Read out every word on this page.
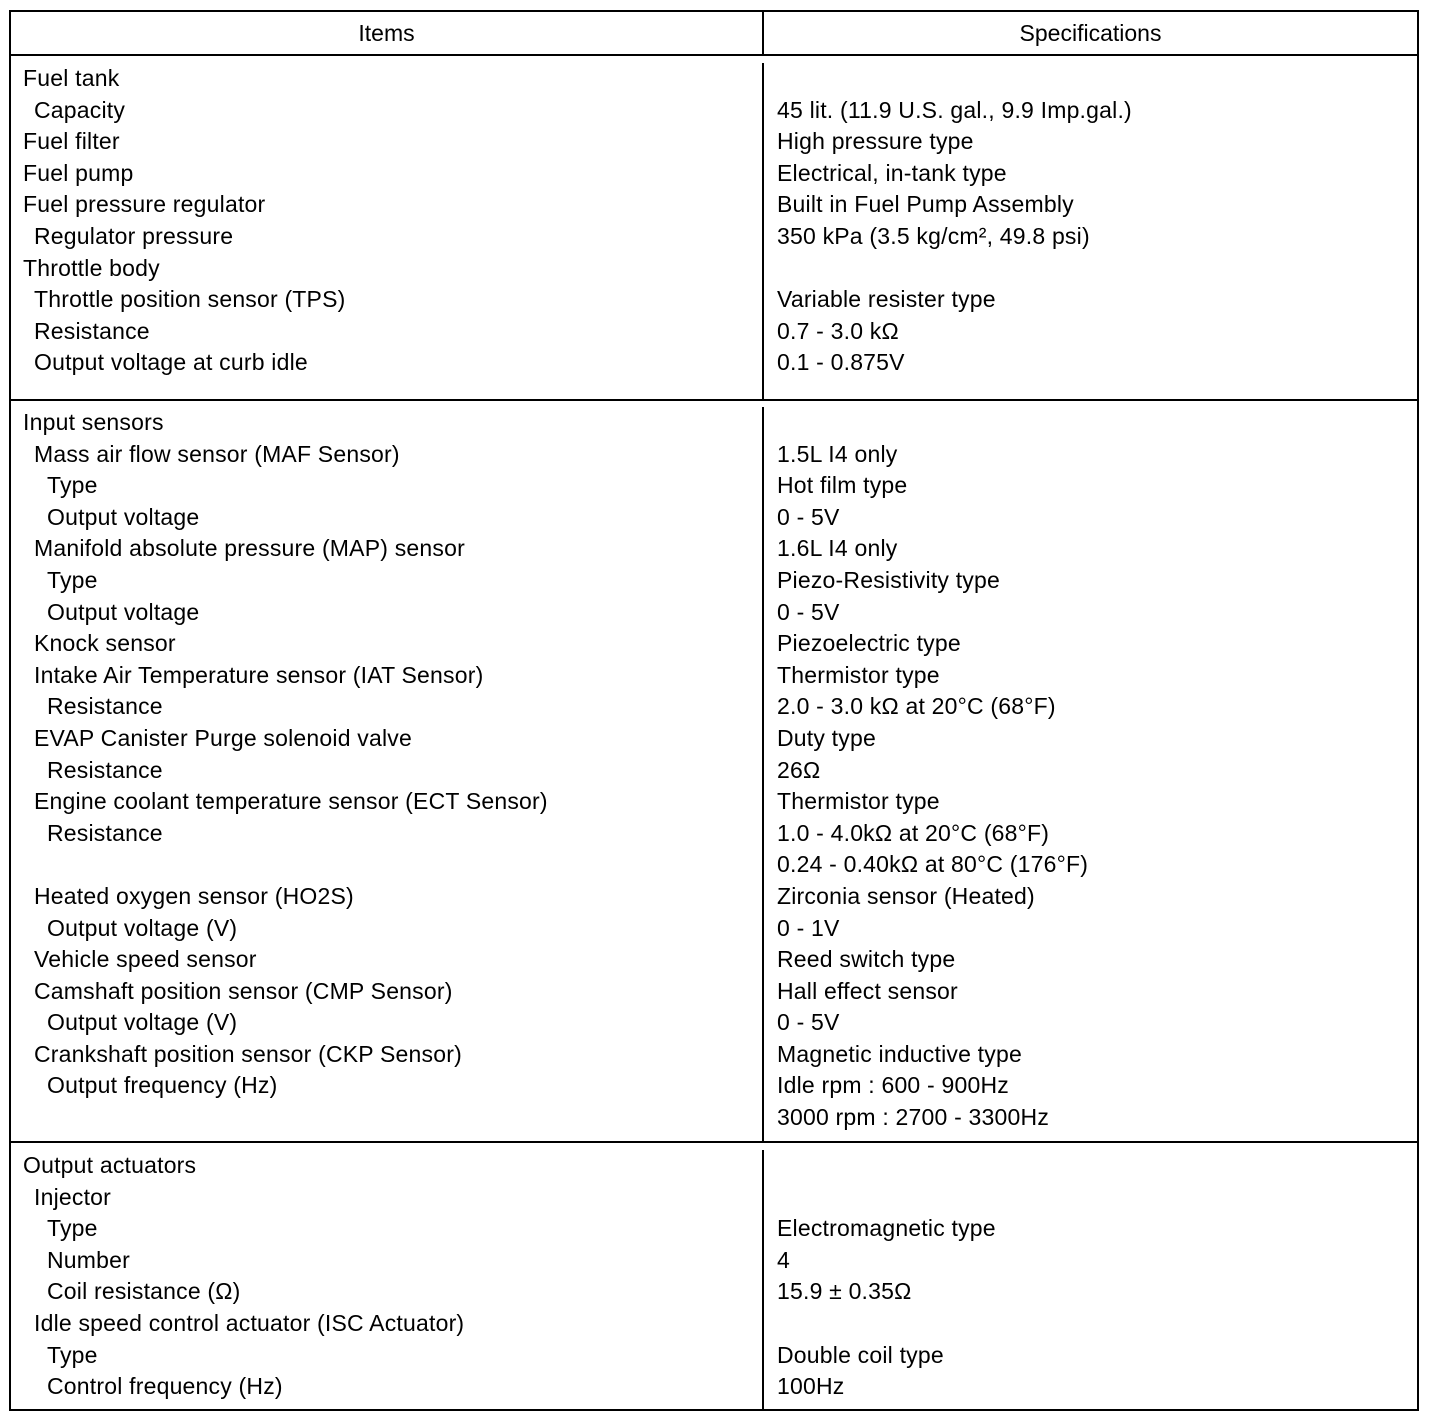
Items	Specifications
Fuel tank
Capacity
Fuel filter
Fuel pump
Fuel pressure regulator
Regulator pressure
Throttle body
Throttle position sensor (TPS)
Resistance
Output voltage at curb idle
45 lit. (11.9 U.S. gal., 9.9 Imp.gal.)
High pressure type
Electrical, in-tank type
Built in Fuel Pump Assembly
350 kPa (3.5 kg/cm², 49.8 psi)
Variable resister type
0.7 - 3.0 kΩ
0.1 - 0.875V
Input sensors
Mass air flow sensor (MAF Sensor)
Type
Output voltage
Manifold absolute pressure (MAP) sensor
Type
Output voltage
Knock sensor
Intake Air Temperature sensor (IAT Sensor)
Resistance
EVAP Canister Purge solenoid valve
Resistance
Engine coolant temperature sensor (ECT Sensor)
Resistance
Heated oxygen sensor (HO2S)
Output voltage (V)
Vehicle speed sensor
Camshaft position sensor (CMP Sensor)
Output voltage (V)
Crankshaft position sensor (CKP Sensor)
Output frequency (Hz)
1.5L I4 only
Hot film type
0 - 5V
1.6L I4 only
Piezo-Resistivity type
0 - 5V
Piezoelectric type
Thermistor type
2.0 - 3.0 kΩ at 20°C (68°F)
Duty type
26Ω
Thermistor type
1.0 - 4.0kΩ at 20°C (68°F)
0.24 - 0.40kΩ at 80°C (176°F)
Zirconia sensor (Heated)
0 - 1V
Reed switch type
Hall effect sensor
0 - 5V
Magnetic inductive type
Idle rpm : 600 - 900Hz
3000 rpm : 2700 - 3300Hz
Output actuators
Injector
Type
Number
Coil resistance (Ω)
Idle speed control actuator (ISC Actuator)
Type
Control frequency (Hz)
Electromagnetic type
4
15.9 ± 0.35Ω
Double coil type
100Hz
